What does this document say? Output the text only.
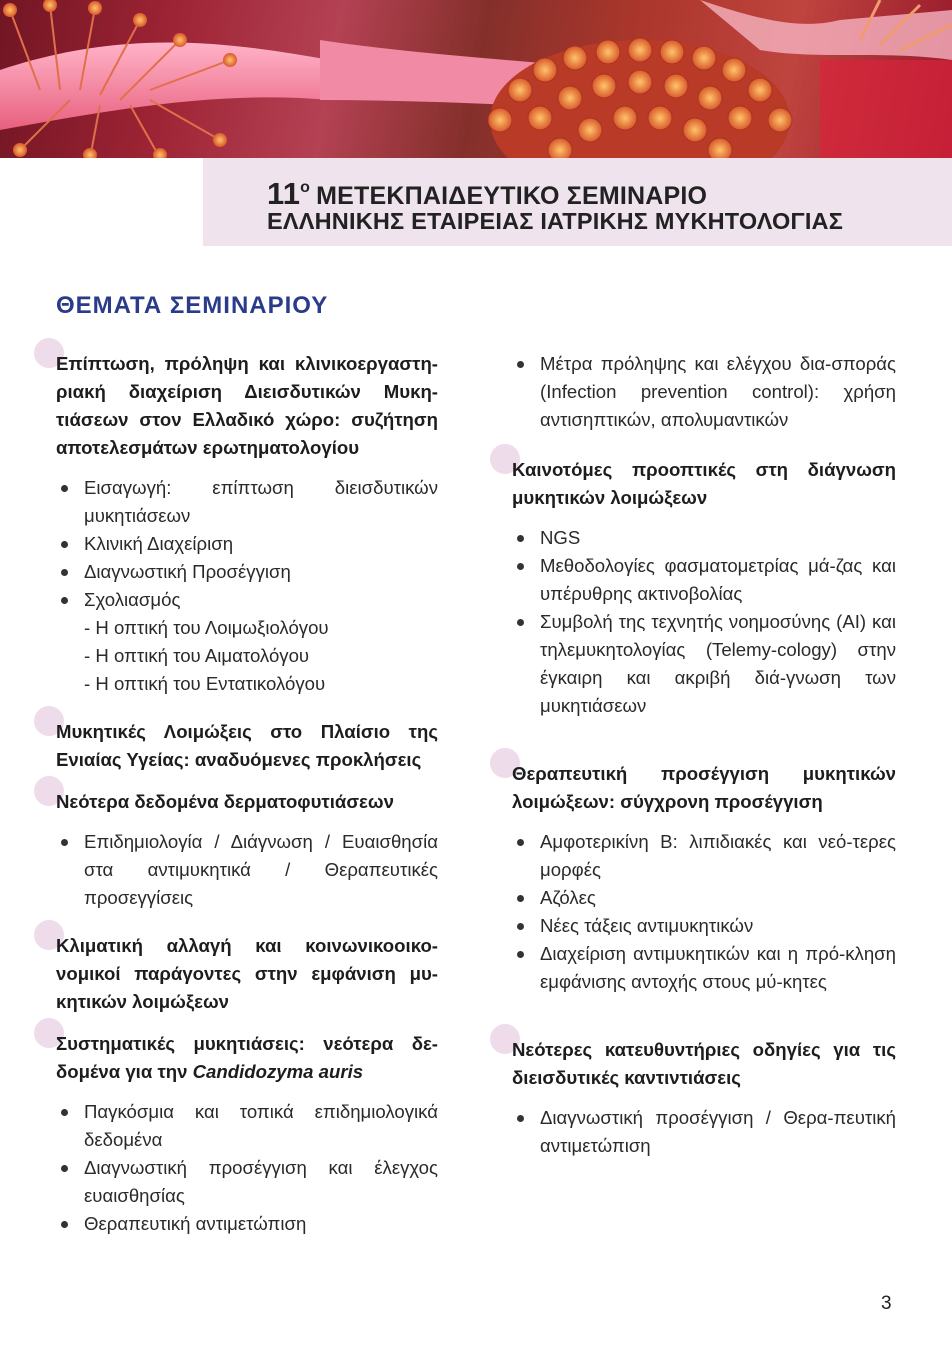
$11^o$ ΜΕΤΕΚΠΑΙΔΕΥΤΙΚΟ ΣΕΜΙΝΑΡΙΟ
ΕΛΛΗΝΙΚΗΣ ΕΤΑΙΡΕΙΑΣ ΙΑΤΡΙΚΗΣ ΜΥΚΗΤΟΛΟΓΙΑΣ
ΘΕΜΑΤΑ ΣΕΜΙΝΑΡΙΟΥ

Επίπτωση, πρόληψη και κλινικοεργαστη-ριακή διαχείριση Διεισδυτικών Μυκη-τιάσεων στον Ελλαδικό χώρο: συζήτηση αποτελεσμάτων ερωτηματολογίου

Εισαγωγή: επίπτωση διεισδυτικών μυκητιάσεων
Κλινική Διαχείριση
Διαγνωστική Προσέγγιση
Σχολιασμός
- Η οπτική του Λοιμωξιολόγου
- Η οπτική του Αιματολόγου
- Η οπτική του Εντατικολόγου

Μυκητικές Λοιμώξεις στο Πλαίσιο της Ενιαίας Υγείας: αναδυόμενες προκλήσεις

Νεότερα δεδομένα δερματοφυτιάσεων

Επιδημιολογία / Διάγνωση / Ευαισθησία στα αντιμυκητικά / Θεραπευτικές προσεγγίσεις

Κλιματική αλλαγή και κοινωνικοοικο-νομικοί παράγοντες στην εμφάνιση μυ-κητικών λοιμώξεων

Συστηματικές μυκητιάσεις: νεότερα δε-δομένα για την Candidozyma auris

Παγκόσμια και τοπικά επιδημιολογικά δεδομένα
Διαγνωστική προσέγγιση και έλεγχος ευαισθησίας
Θεραπευτική αντιμετώπιση
Μέτρα πρόληψης και ελέγχου δια-σποράς (Infection prevention control): χρήση αντισηπτικών, απολυμαντικών

Καινοτόμες προοπτικές στη διάγνωση μυκητικών λοιμώξεων

NGS
Μεθοδολογίες φασματομετρίας μά-ζας και υπέρυθρης ακτινοβολίας
Συμβολή της τεχνητής νοημοσύνης (AI) και τηλεμυκητολογίας (Telemy-cology) στην έγκαιρη και ακριβή διά-γνωση των μυκητιάσεων

Θεραπευτική προσέγγιση μυκητικών λοιμώξεων: σύγχρονη προσέγγιση

Αμφοτερικίνη Β: λιπιδιακές και νεό-τερες μορφές
Αζόλες
Νέες τάξεις αντιμυκητικών
Διαχείριση αντιμυκητικών και η πρό-κληση εμφάνισης αντοχής στους μύ-κητες

Νεότερες κατευθυντήριες οδηγίες για τις διεισδυτικές καντιντιάσεις

Διαγνωστική προσέγγιση / Θερα-πευτική αντιμετώπιση
3
